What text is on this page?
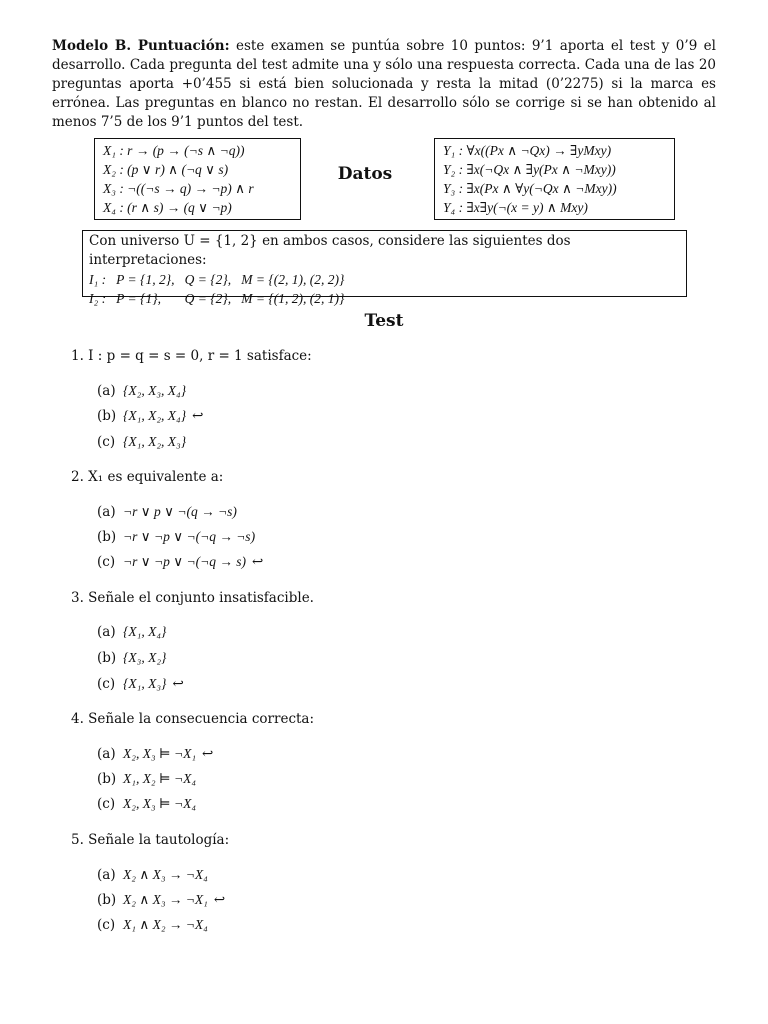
Modelo B. Puntuación: este examen se puntúa sobre 10 puntos: 9’1 aporta el test y 0’9 el desarrollo. Cada pregunta del test admite una y sólo una respuesta correcta. Cada una de las 20 preguntas aporta +0’455 si está bien solucionada y resta la mitad (0’2275) si la marca es errónea. Las preguntas en blanco no restan. El desarrollo sólo se corrige si se han obtenido al menos 7’5 de los 9’1 puntos del test.
X₁ : r → (p → (¬s ∧ ¬q))
X₂ : (p ∨ r) ∧ (¬q ∨ s)
X₃ : ¬((¬s → q) → ¬p) ∧ r
X₄ : (r ∧ s) → (q ∨ ¬p)
Datos
Y₁ : ∀x((Px ∧ ¬Qx) → ∃yMxy)
Y₂ : ∃x(¬Qx ∧ ∃y(Px ∧ ¬Mxy))
Y₃ : ∃x(Px ∧ ∀y(¬Qx ∧ ¬Mxy))
Y₄ : ∃x∃y(¬(x = y) ∧ Mxy)
Con universo U = {1, 2} en ambos casos, considere las siguientes dos interpretaciones:
I₁ :   P = {1, 2},   Q = {2},   M = {(2, 1), (2, 2)}
I₂ :   P = {1},       Q = {2},   M = {(1, 2), (2, 1)}
Test
1. I : p = q = s = 0, r = 1 satisface:
(a) {X₂, X₃, X₄}
(b) {X₁, X₂, X₄} ↩
(c) {X₁, X₂, X₃}
2. X₁ es equivalente a:
(a) ¬r ∨ p ∨ ¬(q → ¬s)
(b) ¬r ∨ ¬p ∨ ¬(¬q → ¬s)
(c) ¬r ∨ ¬p ∨ ¬(¬q → s) ↩
3. Señale el conjunto insatisfacible.
(a) {X₁, X₄}
(b) {X₃, X₂}
(c) {X₁, X₃} ↩
4. Señale la consecuencia correcta:
(a) X₂, X₃ ⊨ ¬X₁ ↩
(b) X₁, X₂ ⊨ ¬X₄
(c) X₂, X₃ ⊨ ¬X₄
5. Señale la tautología:
(a) X₂ ∧ X₃ → ¬X₄
(b) X₂ ∧ X₃ → ¬X₁ ↩
(c) X₁ ∧ X₂ → ¬X₄
